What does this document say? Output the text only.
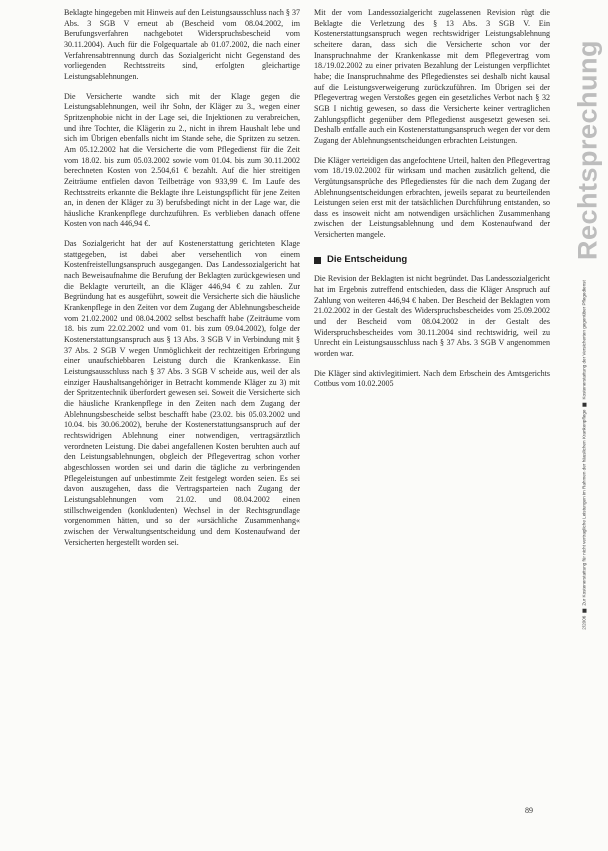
Beklagte hingegeben mit Hinweis auf den Leistungsausschluss nach § 37 Abs. 3 SGB V erneut ab (Bescheid vom 08.04.2002, im Berufungsverfahren nachgebotet Widerspruchsbescheid vom 30.11.2004). Auch für die Folgequartale ab 01.07.2002, die nach einer Verfahrensabtrennung durch das Sozialgericht nicht Gegenstand des vorliegenden Rechtsstreits sind, erfolgten gleichartige Leistungsablehnungen.

Die Versicherte wandte sich mit der Klage gegen die Leistungsablehnungen, weil ihr Sohn, der Kläger zu 3., wegen einer Spritzenphobie nicht in der Lage sei, die Injektionen zu verabreichen, und ihre Tochter, die Klägerin zu 2., nicht in ihrem Haushalt lebe und sich im Übrigen ebenfalls nicht im Stande sehe, die Spritzen zu setzen. Am 05.12.2002 hat die Versicherte die vom Pflegedienst für die Zeit vom 18.02. bis zum 05.03.2002 sowie vom 01.04. bis zum 30.11.2002 berechneten Kosten von 2.504,61 € bezahlt. Auf die hier streitigen Zeiträume entfielen davon Teilbeträge von 933,99 €. Im Laufe des Rechtsstreits erkannte die Beklagte ihre Leistungspflicht für jene Zeiten an, in denen der Kläger zu 3) berufsbedingt nicht in der Lage war, die häusliche Krankenpflege durchzuführen. Es verblieben danach offene Kosten von nach 446,94 €.

Das Sozialgericht hat der auf Kostenerstattung gerichteten Klage stattgegeben, ist dabei aber versehentlich von einem Kostenfreistellungsanspruch ausgegangen. Das Landessozialgericht hat nach Beweisaufnahme die Berufung der Beklagten zurückgewiesen und die Beklagte verurteilt, an die Kläger 446,94 € zu zahlen. Zur Begründung hat es ausgeführt, soweit die Versicherte sich die häusliche Krankenpflege in den Zeiten vor dem Zugang der Ablehnungsbescheide vom 21.02.2002 und 08.04.2002 selbst beschafft habe (Zeiträume vom 18. bis zum 22.02.2002 und vom 01. bis zum 09.04.2002), folge der Kostenerstattungsanspruch aus § 13 Abs. 3 SGB V in Verbindung mit § 37 Abs. 2 SGB V wegen Unmöglichkeit der rechtzeitigen Erbringung einer unaufschiebbaren Leistung durch die Krankenkasse. Ein Leistungsausschluss nach § 37 Abs. 3 SGB V scheide aus, weil der als einziger Haushaltsangehöriger in Betracht kommende Kläger zu 3) mit der Spritzentechnik überfordert gewesen sei. Soweit die Versicherte sich die häusliche Krankenpflege in den Zeiten nach dem Zugang der Ablehnungsbescheide selbst beschafft habe (23.02. bis 05.03.2002 und 10.04. bis 30.06.2002), beruhe der Kostenerstattungsanspruch auf der rechtswidrigen Ablehnung einer notwendigen, vertragsärztlich verordneten Leistung. Die dabei angefallenen Kosten beruhten auch auf den Leistungsablehnungen, obgleich der Pflegevertrag schon vorher abgeschlossen worden sei und darin die tägliche zu verbringenden Pflegeleistungen auf unbestimmte Zeit festgelegt worden seien. Es sei davon auszugehen, dass die Vertragsparteien nach Zugang der Leistungsablehnungen vom 21.02. und 08.04.2002 einen stillschweigenden (konkludenten) Wechsel in der Rechtsgrundlage vorgenommen hätten, und so der »ursächliche Zusammenhang« zwischen der Verwaltungsentscheidung und dem Kostenaufwand der Versicherten hergestellt worden sei.

Mit der vom Landessozialgericht zugelassenen Revision rügt die Beklagte die Verletzung des § 13 Abs. 3 SGB V. Ein Kostenerstattungsanspruch wegen rechtswidriger Leistungsablehnung scheitere daran, dass sich die Versicherte schon vor der Inanspruchnahme der Krankenkasse mit dem Pflegevertrag vom 18./19.02.2002 zu einer privaten Bezahlung der Leistungen verpflichtet habe; die Inanspruchnahme des Pflegedienstes sei deshalb nicht kausal auf die Leistungsverweigerung zurückzuführen. Im Übrigen sei der Pflegevertrag wegen Verstoßes gegen ein gesetzliches Verbot nach § 32 SGB I nichtig gewesen, so dass die Versicherte keiner vertraglichen Zahlungspflicht gegenüber dem Pflegedienst ausgesetzt gewesen sei. Deshalb entfalle auch ein Kostenerstattungsanspruch wegen der vor dem Zugang der Ablehnungsentscheidungen erbrachten Leistungen.

Die Kläger verteidigen das angefochtene Urteil, halten den Pflegevertrag vom 18./19.02.2002 für wirksam und machen zusätzlich geltend, die Vergütungsansprüche des Pflegedienstes für die nach dem Zugang der Ablehnungsentscheidungen erbrachten, jeweils separat zu beurteilenden Leistungen seien erst mit der tatsächlichen Durchführung entstanden, so dass es insoweit nicht am notwendigen ursächlichen Zusammenhang zwischen der Leistungsablehnung und dem Kostenaufwand der Versicherten mangele.

Die Entscheidung

Die Revision der Beklagten ist nicht begründet. Das Landessozialgericht hat im Ergebnis zutreffend entschieden, dass die Kläger Anspruch auf Zahlung von weiteren 446,94 € haben. Der Bescheid der Beklagten vom 21.02.2002 in der Gestalt des Widerspruchsbescheides vom 25.09.2002 und der Bescheid vom 08.04.2002 in der Gestalt des Widerspruchsbescheides vom 30.11.2004 sind rechtswidrig, weil zu Unrecht ein Leistungsausschluss nach § 37 Abs. 3 SGB V angenommen worden war.

Die Kläger sind aktivlegitimiert. Nach dem Erbschein des Amtsgerichts Cottbus vom 10.02.2005

Rechtsprechung
2/2006Zur Kostenerstattung für nicht vertragliche Leistungen im Rahmen der häuslichen KrankenpflegeKostenerstattung der Versicherten gegenüber Pflegedienst
89
